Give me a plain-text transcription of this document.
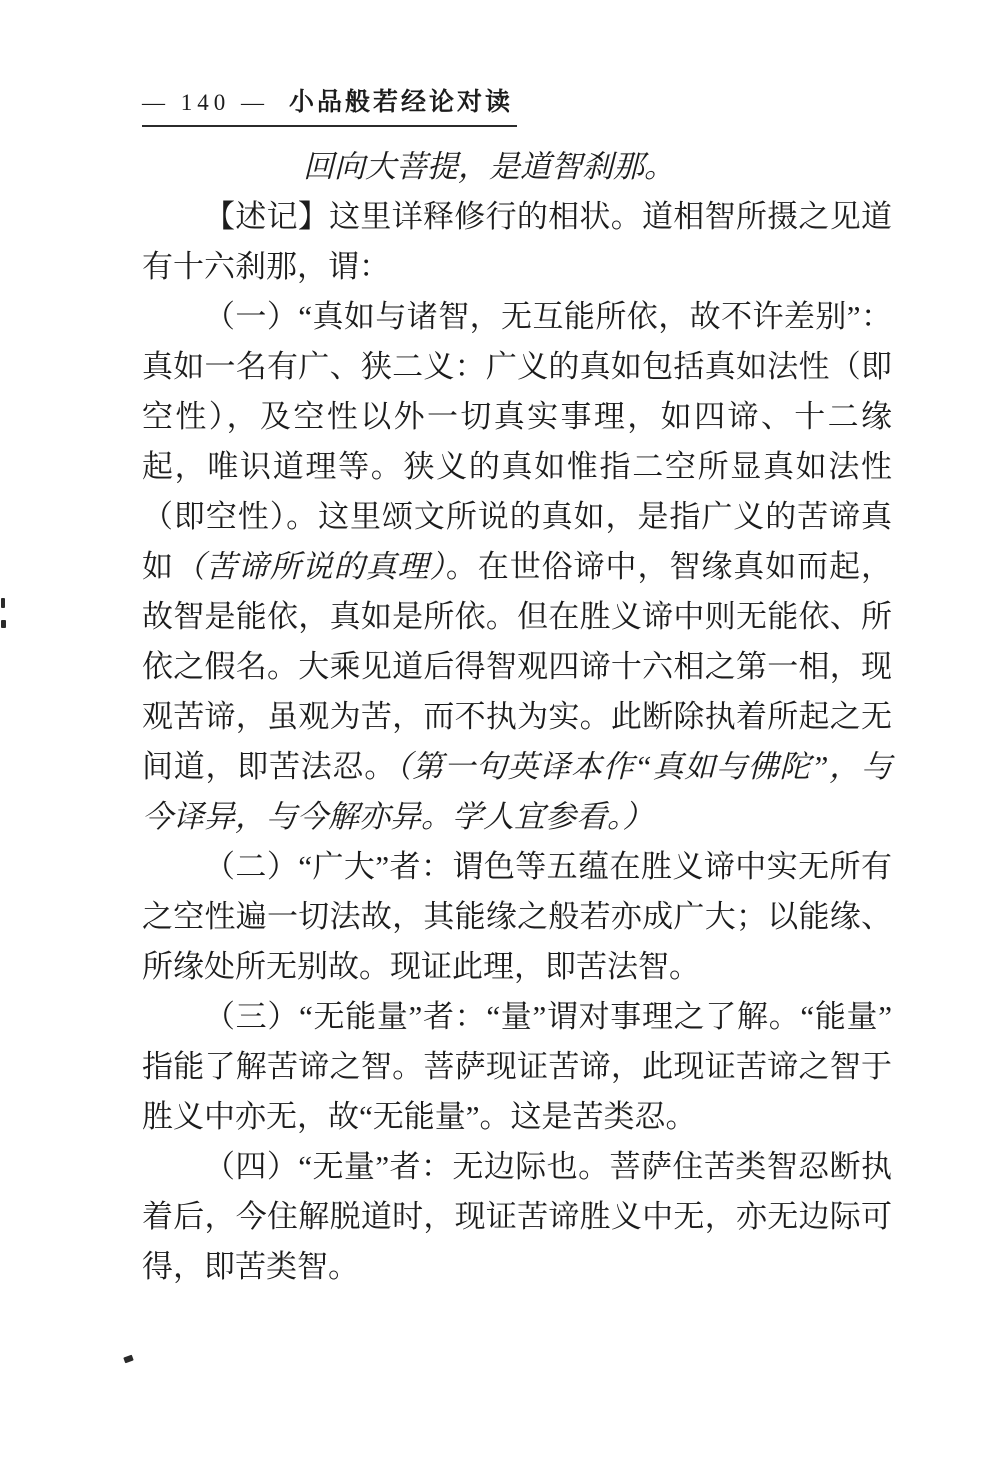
— 140 — 小品般若经论对读

回向大菩提，是道智刹那。

【述记】这里详释修行的相状。道相智所摄之见道有十六刹那，谓：

（一）“真如与诸智，无互能所依，故不许差别”：真如一名有广、狭二义：广义的真如包括真如法性（即空性），及空性以外一切真实事理，如四谛、十二缘起，唯识道理等。狭义的真如惟指二空所显真如法性（即空性）。这里颂文所说的真如，是指广义的苦谛真如（苦谛所说的真理）。在世俗谛中，智缘真如而起，故智是能依，真如是所依。但在胜义谛中则无能依、所依之假名。大乘见道后得智观四谛十六相之第一相，现观苦谛，虽观为苦，而不执为实。此断除执着所起之无间道，即苦法忍。（第一句英译本作“真如与佛陀”，与今译异，与今解亦异。学人宜参看。）

（二）“广大”者：谓色等五蕴在胜义谛中实无所有之空性遍一切法故，其能缘之般若亦成广大；以能缘、所缘处所无别故。现证此理，即苦法智。

（三）“无能量”者：“量”谓对事理之了解。“能量”指能了解苦谛之智。菩萨现证苦谛，此现证苦谛之智于胜义中亦无，故“无能量”。这是苦类忍。

（四）“无量”者：无边际也。菩萨住苦类智忍断执着后，今住解脱道时，现证苦谛胜义中无，亦无边际可得，即苦类智。
